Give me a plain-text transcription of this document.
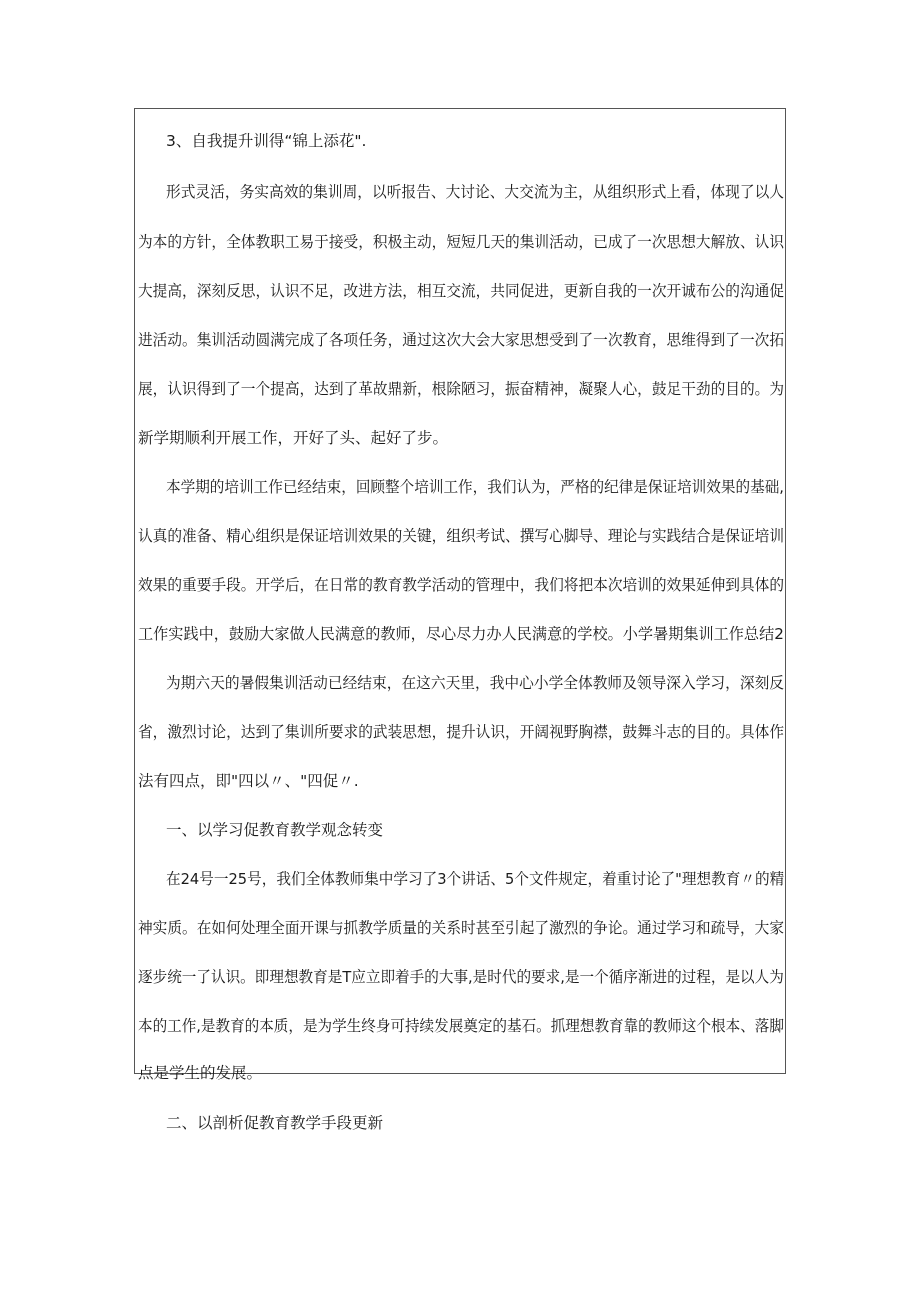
3、自我提升训得“锦上添花".
形式灵活，务实高效的集训周，以听报告、大讨论、大交流为主，从组织形式上看，体现了以人
为本的方针，全体教职工易于接受，积极主动，短短几天的集训活动，已成了一次思想大解放、认识
大提高，深刻反思，认识不足，改进方法，相互交流，共同促进，更新自我的一次开诚布公的沟通促
进活动。集训活动圆满完成了各项任务，通过这次大会大家思想受到了一次教育，思维得到了一次拓
展，认识得到了一个提高，达到了革故鼎新，根除陋习，振奋精神，凝聚人心，鼓足干劲的目的。为
新学期顺利开展工作，开好了头、起好了步。
本学期的培训工作已经结束，回顾整个培训工作，我们认为，严格的纪律是保证培训效果的基础,
认真的准备、精心组织是保证培训效果的关键，组织考试、撰写心脚导、理论与实践结合是保证培训
效果的重要手段。开学后，在日常的教育教学活动的管理中，我们将把本次培训的效果延伸到具体的
工作实践中，鼓励大家做人民满意的教师，尽心尽力办人民满意的学校。小学暑期集训工作总结2
为期六天的暑假集训活动已经结束，在这六天里，我中心小学全体教师及领导深入学习，深刻反
省，激烈讨论，达到了集训所要求的武装思想，提升认识，开阔视野胸襟，鼓舞斗志的目的。具体作
法有四点，即"四以〃、"四促〃.
一、以学习促教育教学观念转变
在24号一25号，我们全体教师集中学习了3个讲话、5个文件规定，着重讨论了"理想教育〃的精
神实质。在如何处理全面开课与抓教学质量的关系时甚至引起了激烈的争论。通过学习和疏导，大家
逐步统一了认识。即理想教育是T应立即着手的大事,是时代的要求,是一个循序渐进的过程，是以人为
本的工作,是教育的本质，是为学生终身可持续发展奠定的基石。抓理想教育靠的教师这个根本、落脚
点是学生的发展。
二、以剖析促教育教学手段更新
